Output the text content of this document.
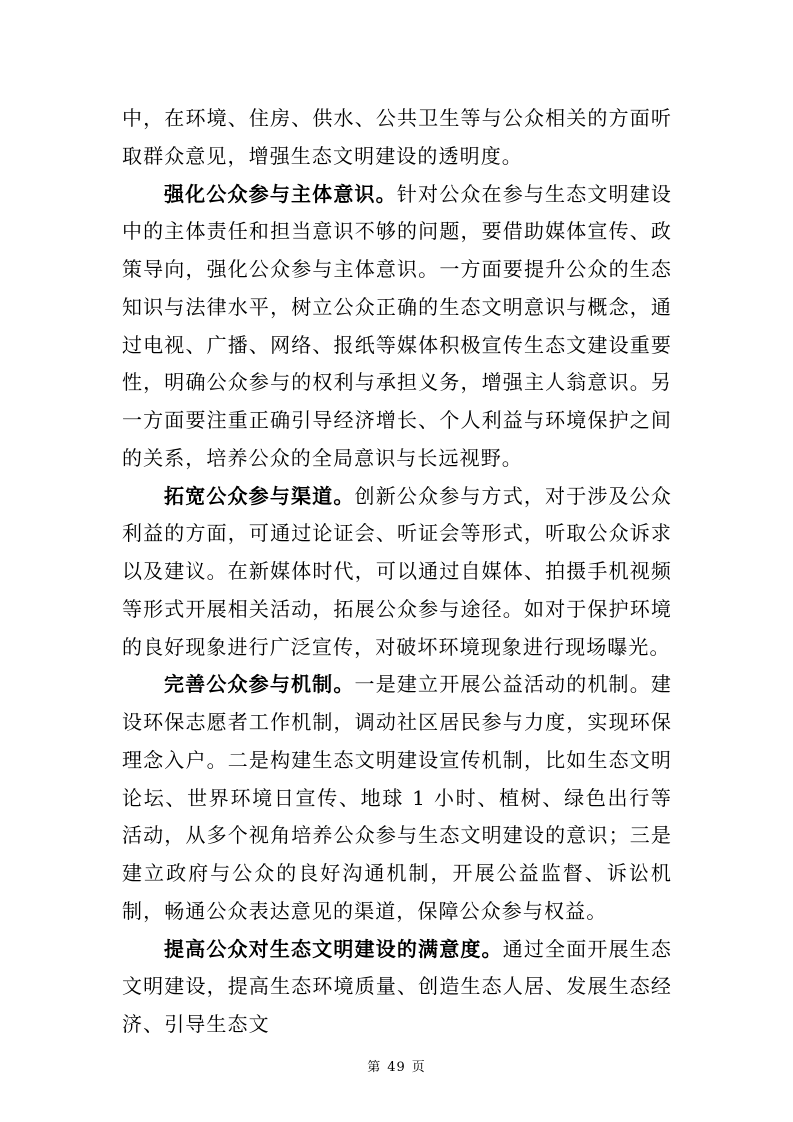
中，在环境、住房、供水、公共卫生等与公众相关的方面听取群众意见，增强生态文明建设的透明度。

强化公众参与主体意识。针对公众在参与生态文明建设中的主体责任和担当意识不够的问题，要借助媒体宣传、政策导向，强化公众参与主体意识。一方面要提升公众的生态知识与法律水平，树立公众正确的生态文明意识与概念，通过电视、广播、网络、报纸等媒体积极宣传生态文建设重要性，明确公众参与的权利与承担义务，增强主人翁意识。另一方面要注重正确引导经济增长、个人利益与环境保护之间的关系，培养公众的全局意识与长远视野。

拓宽公众参与渠道。创新公众参与方式，对于涉及公众利益的方面，可通过论证会、听证会等形式，听取公众诉求以及建议。在新媒体时代，可以通过自媒体、拍摄手机视频等形式开展相关活动，拓展公众参与途径。如对于保护环境的良好现象进行广泛宣传，对破坏环境现象进行现场曝光。

完善公众参与机制。一是建立开展公益活动的机制。建设环保志愿者工作机制，调动社区居民参与力度，实现环保理念入户。二是构建生态文明建设宣传机制，比如生态文明论坛、世界环境日宣传、地球 1 小时、植树、绿色出行等活动，从多个视角培养公众参与生态文明建设的意识；三是建立政府与公众的良好沟通机制，开展公益监督、诉讼机制，畅通公众表达意见的渠道，保障公众参与权益。

提高公众对生态文明建设的满意度。通过全面开展生态文明建设，提高生态环境质量、创造生态人居、发展生态经济、引导生态文

第 49 页
